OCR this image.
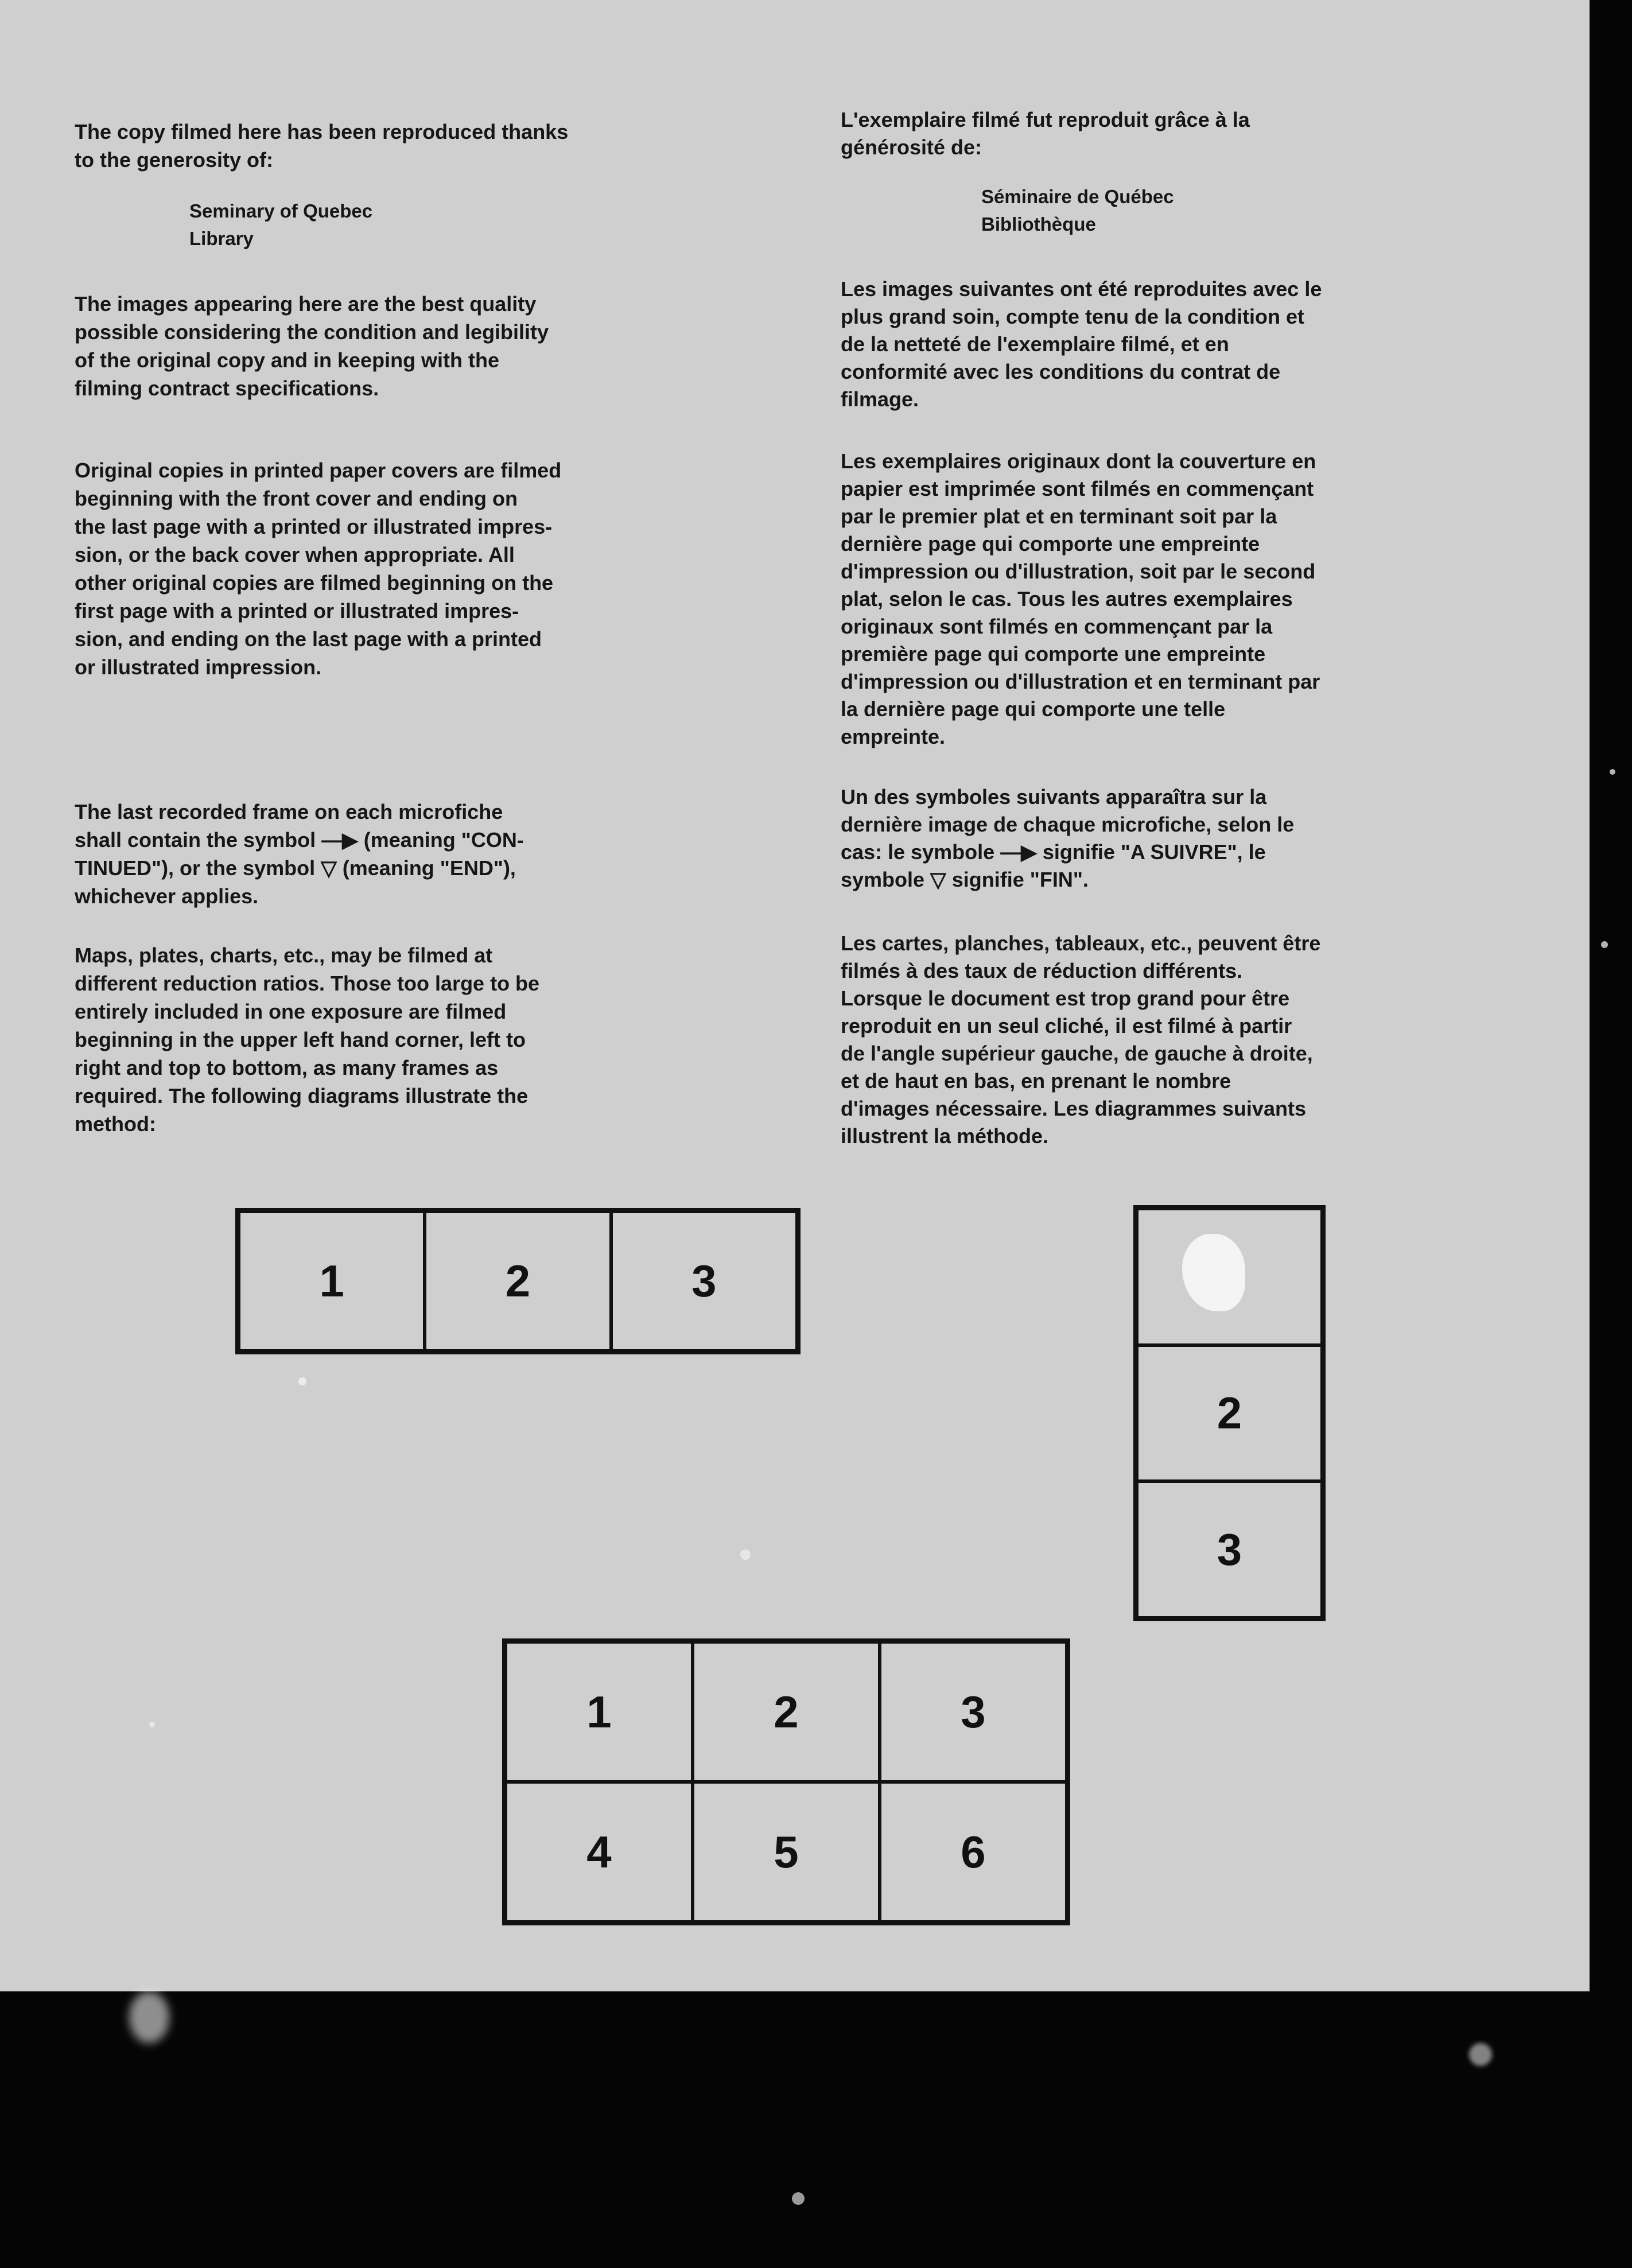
The copy filmed here has been reproduced thanks
to the generosity of:

Seminary of Quebec

Library

The images appearing here are the best quality
possible considering the condition and legibility
of the original copy and in keeping with the
filming contract specifications.

Original copies in printed paper covers are filmed
beginning with the front cover and ending on
the last page with a printed or illustrated impres-
sion, or the back cover when appropriate. All
other original copies are filmed beginning on the
first page with a printed or illustrated impres-
sion, and ending on the last page with a printed
or illustrated impression.

The last recorded frame on each microfiche
shall contain the symbol —▶ (meaning "CON-
TINUED"), or the symbol ▽ (meaning "END"),
whichever applies.

Maps, plates, charts, etc., may be filmed at
different reduction ratios. Those too large to be
entirely included in one exposure are filmed
beginning in the upper left hand corner, left to
right and top to bottom, as many frames as
required. The following diagrams illustrate the
method:

L'exemplaire filmé fut reproduit grâce à la
générosité de:

Séminaire de Québec

Bibliothèque

Les images suivantes ont été reproduites avec le
plus grand soin, compte tenu de la condition et
de la netteté de l'exemplaire filmé, et en
conformité avec les conditions du contrat de
filmage.

Les exemplaires originaux dont la couverture en
papier est imprimée sont filmés en commençant
par le premier plat et en terminant soit par la
dernière page qui comporte une empreinte
d'impression ou d'illustration, soit par le second
plat, selon le cas. Tous les autres exemplaires
originaux sont filmés en commençant par la
première page qui comporte une empreinte
d'impression ou d'illustration et en terminant par
la dernière page qui comporte une telle
empreinte.

Un des symboles suivants apparaîtra sur la
dernière image de chaque microfiche, selon le
cas: le symbole —▶ signifie "A SUIVRE", le
symbole ▽ signifie "FIN".

Les cartes, planches, tableaux, etc., peuvent être
filmés à des taux de réduction différents.
Lorsque le document est trop grand pour être
reproduit en un seul cliché, il est filmé à partir
de l'angle supérieur gauche, de gauche à droite,
et de haut en bas, en prenant le nombre
d'images nécessaire. Les diagrammes suivants
illustrent la méthode.

1	2	3
2
3
1	2	3
4	5	6
